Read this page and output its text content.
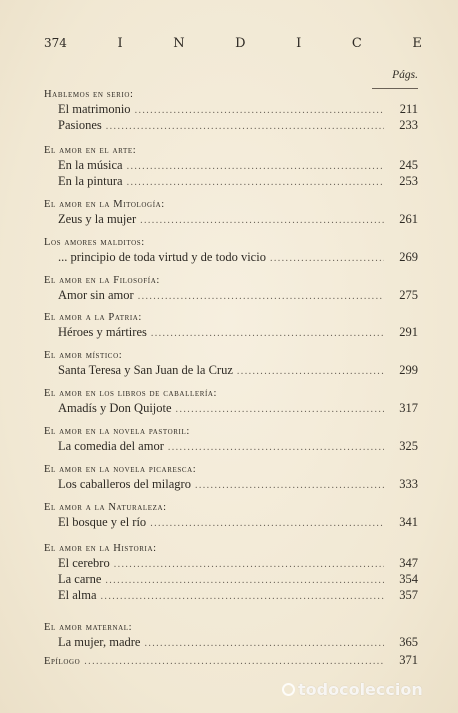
374	I	N	D	I	C	E
Págs.
Hablemos en serio:
El matrimonio .....	211
Pasiones .....	233
El amor en el arte:
En la música .....	245
En la pintura .....	253
El amor en la Mitología:
Zeus y la mujer .....	261
Los amores malditos:
... principio de toda virtud y de todo vicio .....	269
El amor en la Filosofía:
Amor sin amor .....	275
El amor a la Patria:
Héroes y mártires .....	291
El amor místico:
Santa Teresa y San Juan de la Cruz .....	299
El amor en los libros de caballería:
Amadís y Don Quijote .....	317
El amor en la novela pastoril:
La comedia del amor .....	325
El amor en la novela picaresca:
Los caballeros del milagro .....	333
El amor a la Naturaleza:
El bosque y el río .....	341
El amor en la Historia:
El cerebro .....	347
La carne .....	354
El alma .....	357
El amor maternal:
La mujer, madre .....	365
Epílogo .....	371
todocoleccion
